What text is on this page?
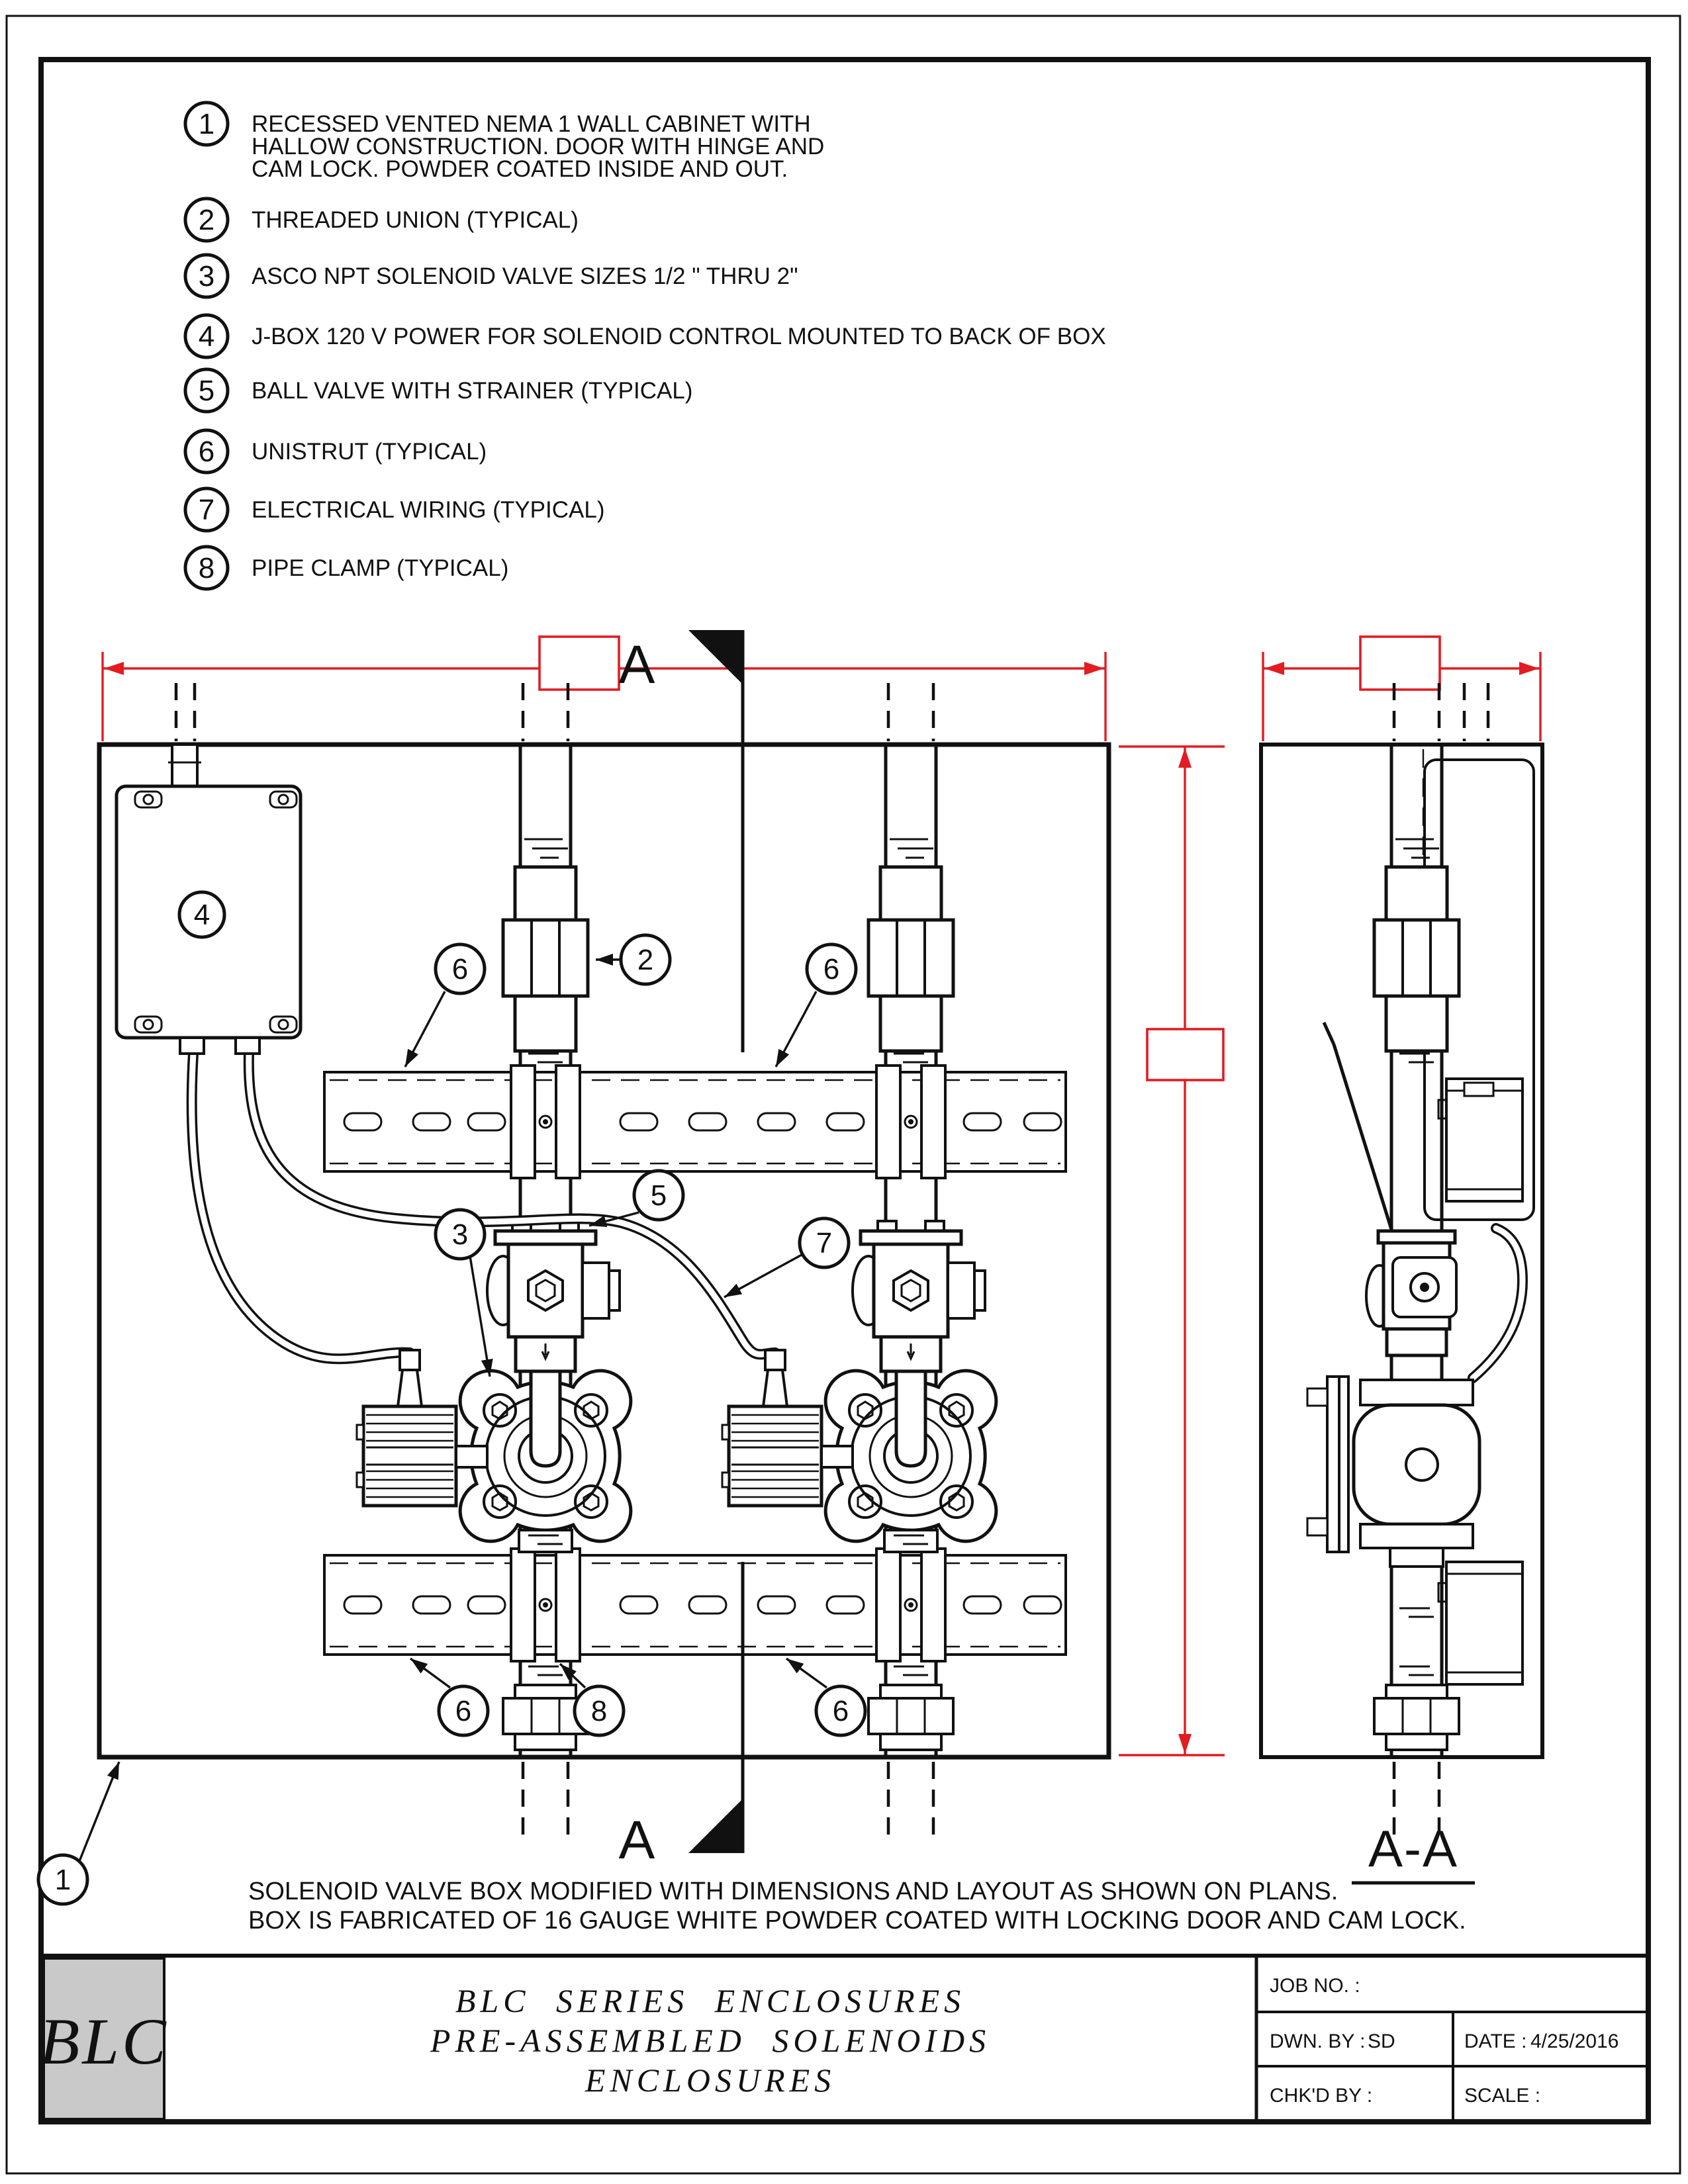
1 RECESSED VENTED NEMA 1 WALL CABINET WITH
HALLOW CONSTRUCTION. DOOR WITH HINGE AND
CAM LOCK. POWDER COATED INSIDE AND OUT.
2 THREADED UNION (TYPICAL)
3 ASCO NPT SOLENOID VALVE SIZES 1/2 " THRU 2"
4 J-BOX 120 V POWER FOR SOLENOID CONTROL MOUNTED TO BACK OF BOX
5 BALL VALVE WITH STRAINER (TYPICAL)
6 UNISTRUT (TYPICAL)
7 ELECTRICAL WIRING (TYPICAL)
8 PIPE CLAMP (TYPICAL)
A
A
4
2
6	6
5
7
3
6	8	6
1
A-A
SOLENOID VALVE BOX MODIFIED WITH DIMENSIONS AND LAYOUT AS SHOWN ON PLANS.
BOX IS FABRICATED OF 16 GAUGE WHITE POWDER COATED WITH LOCKING DOOR AND CAM LOCK.
BLC
BLC SERIES ENCLOSURES
PRE-ASSEMBLED SOLENOIDS
ENCLOSURES
JOB NO. :
DWN. BY : SD	DATE : 4/25/2016
CHK'D BY :	SCALE :
